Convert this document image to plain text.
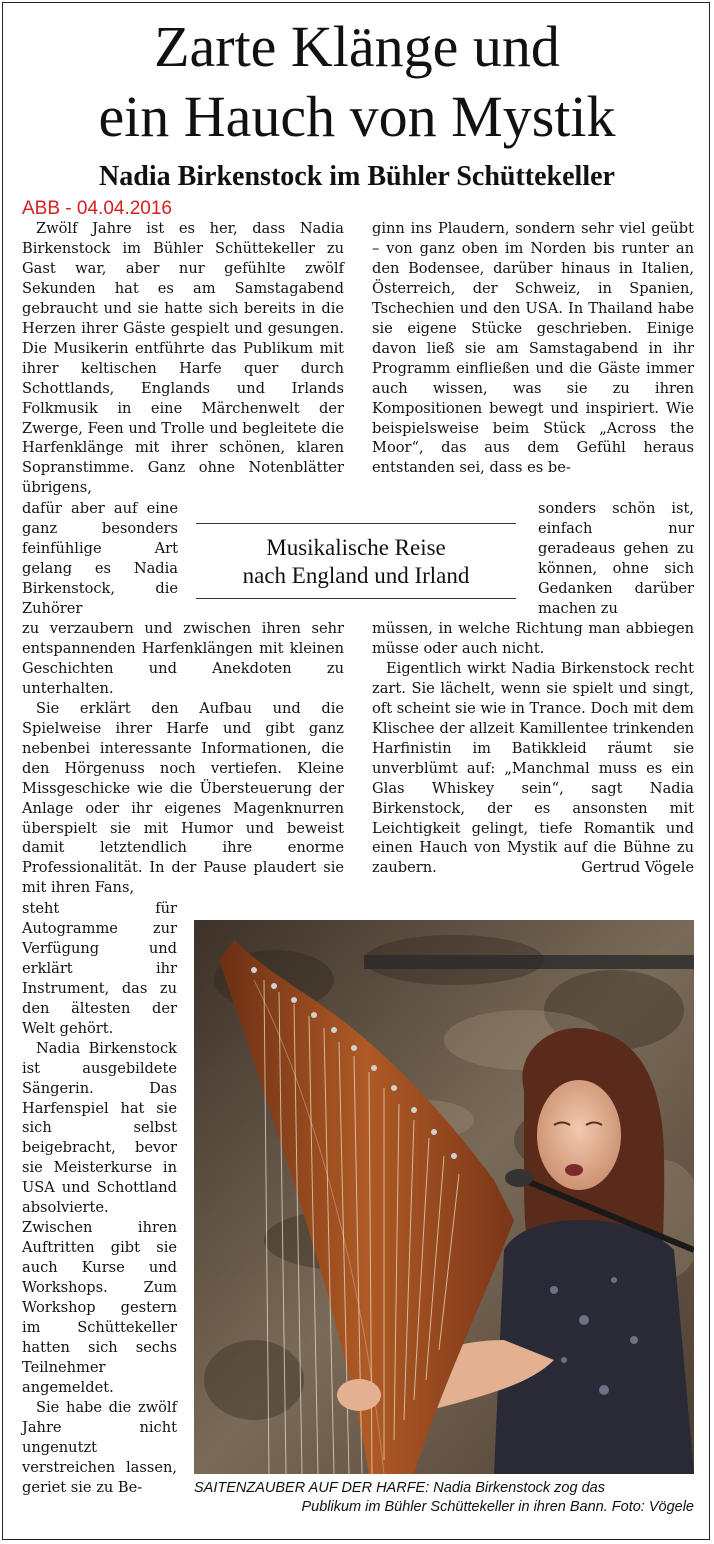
Zarte Klänge und
ein Hauch von Mystik
Nadia Birkenstock im Bühler Schüttekeller
ABB - 04.04.2016

Zwölf Jahre ist es her, dass Nadia Birkenstock im Bühler Schüttekeller zu Gast war, aber nur gefühlte zwölf Sekunden hat es am Samstagabend gebraucht und sie hatte sich bereits in die Herzen ihrer Gäste gespielt und gesungen. Die Musikerin entführte das Publikum mit ihrer keltischen Harfe quer durch Schottlands, Englands und Irlands Folkmusik in eine Märchenwelt der Zwerge, Feen und Trolle und begleitete die Harfenklänge mit ihrer schönen, klaren Sopranstimme. Ganz ohne Notenblätter übrigens,

dafür aber auf eine ganz besonders feinfühlige Art gelang es Nadia Birkenstock, die Zuhörer

zu verzaubern und zwischen ihren sehr entspannenden Harfenklängen mit kleinen Geschichten und Anekdoten zu unterhalten.

Sie erklärt den Aufbau und die Spielweise ihrer Harfe und gibt ganz nebenbei interessante Informationen, die den Hörgenuss noch vertiefen. Kleine Missgeschicke wie die Übersteuerung der Anlage oder ihr eigenes Magenknurren überspielt sie mit Humor und beweist damit letztendlich ihre enorme Professionalität. In der Pause plaudert sie mit ihren Fans,

steht für Autogramme zur Verfügung und erklärt ihr Instrument, das zu den ältesten der Welt gehört.

Nadia Birkenstock ist ausgebildete Sängerin. Das Harfenspiel hat sie sich selbst beigebracht, bevor sie Meisterkurse in USA und Schottland absolvierte. Zwischen ihren Auftritten gibt sie auch Kurse und Workshops. Zum Workshop gestern im Schüttekeller hatten sich sechs Teilnehmer angemeldet.

Sie habe die zwölf Jahre nicht ungenutzt verstreichen lassen, geriet sie zu Be-

Musikalische Reise
nach England und Irland

ginn ins Plaudern, sondern sehr viel geübt – von ganz oben im Norden bis runter an den Bodensee, darüber hinaus in Italien, Österreich, der Schweiz, in Spanien, Tschechien und den USA. In Thailand habe sie eigene Stücke geschrieben. Einige davon ließ sie am Samstagabend in ihr Programm einfließen und die Gäste immer auch wissen, was sie zu ihren Kompositionen bewegt und inspiriert. Wie beispielsweise beim Stück „Across the Moor“, das aus dem Gefühl heraus entstanden sei, dass es be-

sonders schön ist, einfach nur geradeaus gehen zu können, ohne sich Gedanken darüber machen zu

müssen, in welche Richtung man abbiegen müsse oder auch nicht.

Eigentlich wirkt Nadia Birkenstock recht zart. Sie lächelt, wenn sie spielt und singt, oft scheint sie wie in Trance. Doch mit dem Klischee der allzeit Kamillentee trinkenden Harfinistin im Batikkleid räumt sie unverblümt auf: „Manchmal muss es ein Glas Whiskey sein“, sagt Nadia Birkenstock, der es ansonsten mit Leichtigkeit gelingt, tiefe Romantik und einen Hauch von Mystik auf die Bühne zu zaubern.	Gertrud Vögele

SAITENZAUBER AUF DER HARFE: Nadia Birkenstock zog das
Publikum im Bühler Schüttekeller in ihren Bann. Foto: Vögele
